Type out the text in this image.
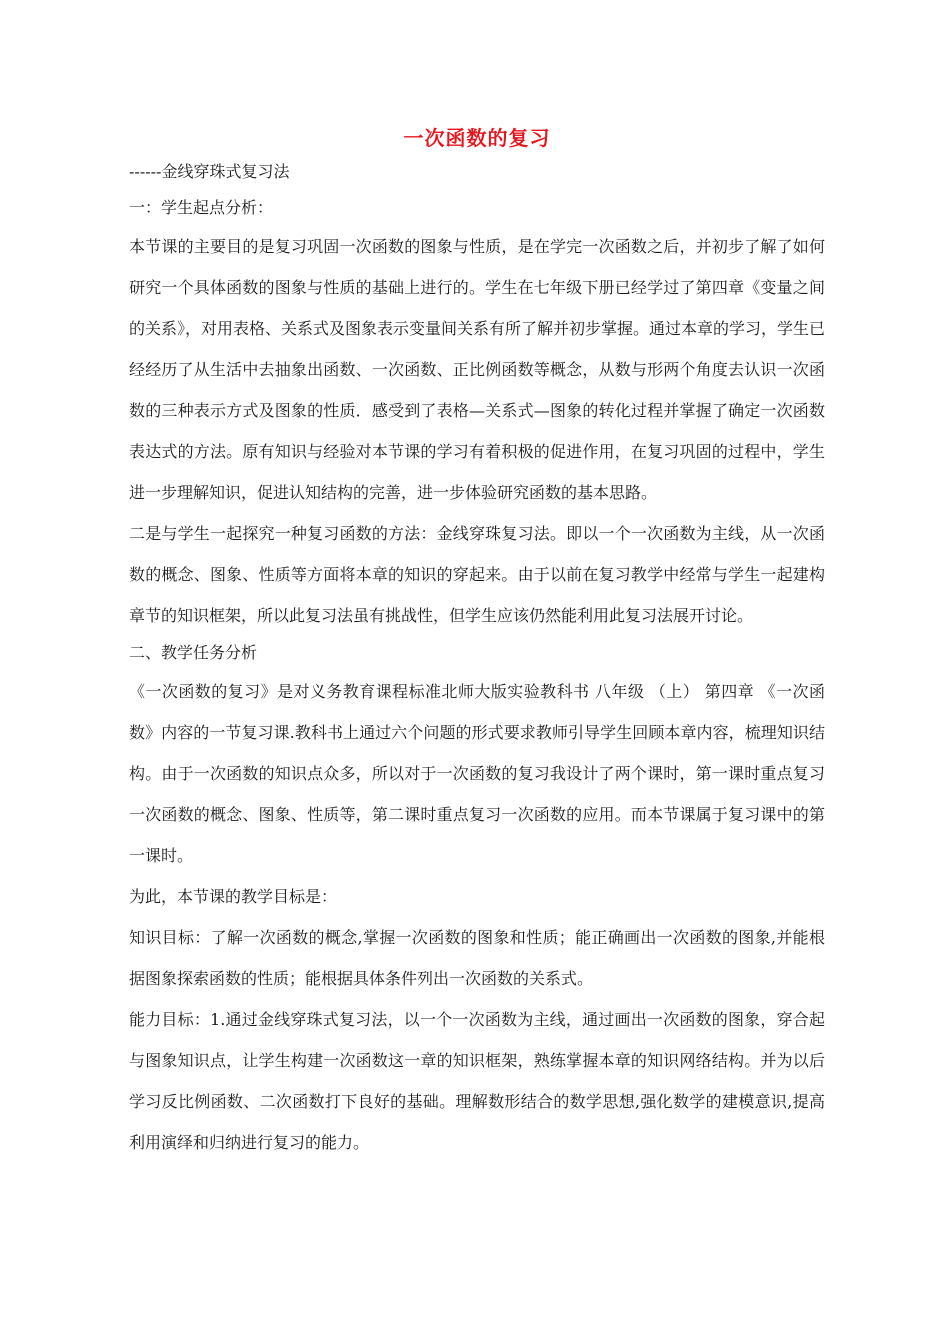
一次函数的复习

------金线穿珠式复习法

一：学生起点分析：

本节课的主要目的是复习巩固一次函数的图象与性质，是在学完一次函数之后，并初步了解了如何研究一个具体函数的图象与性质的基础上进行的。学生在七年级下册已经学过了第四章《变量之间的关系》，对用表格、关系式及图象表示变量间关系有所了解并初步掌握。通过本章的学习，学生已经经历了从生活中去抽象出函数、一次函数、正比例函数等概念，从数与形两个角度去认识一次函数的三种表示方式及图象的性质．感受到了表格—关系式—图象的转化过程并掌握了确定一次函数表达式的方法。原有知识与经验对本节课的学习有着积极的促进作用，在复习巩固的过程中，学生进一步理解知识，促进认知结构的完善，进一步体验研究函数的基本思路。

二是与学生一起探究一种复习函数的方法：金线穿珠复习法。即以一个一次函数为主线，从一次函数的概念、图象、性质等方面将本章的知识的穿起来。由于以前在复习教学中经常与学生一起建构章节的知识框架，所以此复习法虽有挑战性，但学生应该仍然能利用此复习法展开讨论。

二、教学任务分析

《一次函数的复习》是对义务教育课程标准北师大版实验教科书 八年级 （上） 第四章 《一次函数》内容的一节复习课.教科书上通过六个问题的形式要求教师引导学生回顾本章内容，梳理知识结构。由于一次函数的知识点众多，所以对于一次函数的复习我设计了两个课时，第一课时重点复习一次函数的概念、图象、性质等，第二课时重点复习一次函数的应用。而本节课属于复习课中的第一课时。

为此，本节课的教学目标是：

知识目标：了解一次函数的概念,掌握一次函数的图象和性质；能正确画出一次函数的图象,并能根据图象探索函数的性质；能根据具体条件列出一次函数的关系式。

能力目标：1.通过金线穿珠式复习法，以一个一次函数为主线，通过画出一次函数的图象，穿合起与图象知识点，让学生构建一次函数这一章的知识框架，熟练掌握本章的知识网络结构。并为以后学习反比例函数、二次函数打下良好的基础。理解数形结合的数学思想,强化数学的建模意识,提高利用演绎和归纳进行复习的能力。
